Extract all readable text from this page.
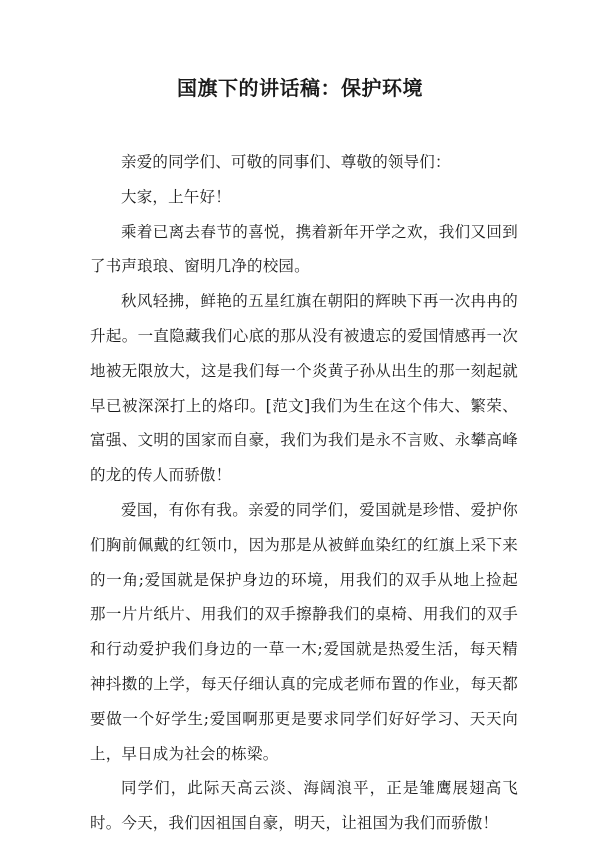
国旗下的讲话稿：保护环境

亲爱的同学们、可敬的同事们、尊敬的领导们：

大家，上午好！

乘着已离去春节的喜悦，携着新年开学之欢，我们又回到了书声琅琅、窗明几净的校园。

秋风轻拂，鲜艳的五星红旗在朝阳的辉映下再一次冉冉的升起。一直隐藏我们心底的那从没有被遗忘的爱国情感再一次地被无限放大，这是我们每一个炎黄子孙从出生的那一刻起就早已被深深打上的烙印。[范文]我们为生在这个伟大、繁荣、富强、文明的国家而自豪，我们为我们是永不言败、永攀高峰的龙的传人而骄傲！

爱国，有你有我。亲爱的同学们，爱国就是珍惜、爱护你们胸前佩戴的红领巾，因为那是从被鲜血染红的红旗上采下来的一角;爱国就是保护身边的环境，用我们的双手从地上捡起那一片片纸片、用我们的双手擦静我们的桌椅、用我们的双手和行动爱护我们身边的一草一木;爱国就是热爱生活，每天精神抖擞的上学，每天仔细认真的完成老师布置的作业，每天都要做一个好学生;爱国啊那更是要求同学们好好学习、天天向上，早日成为社会的栋梁。

同学们，此际天高云淡、海阔浪平，正是雏鹰展翅高飞时。今天，我们因祖国自豪，明天，让祖国为我们而骄傲！
